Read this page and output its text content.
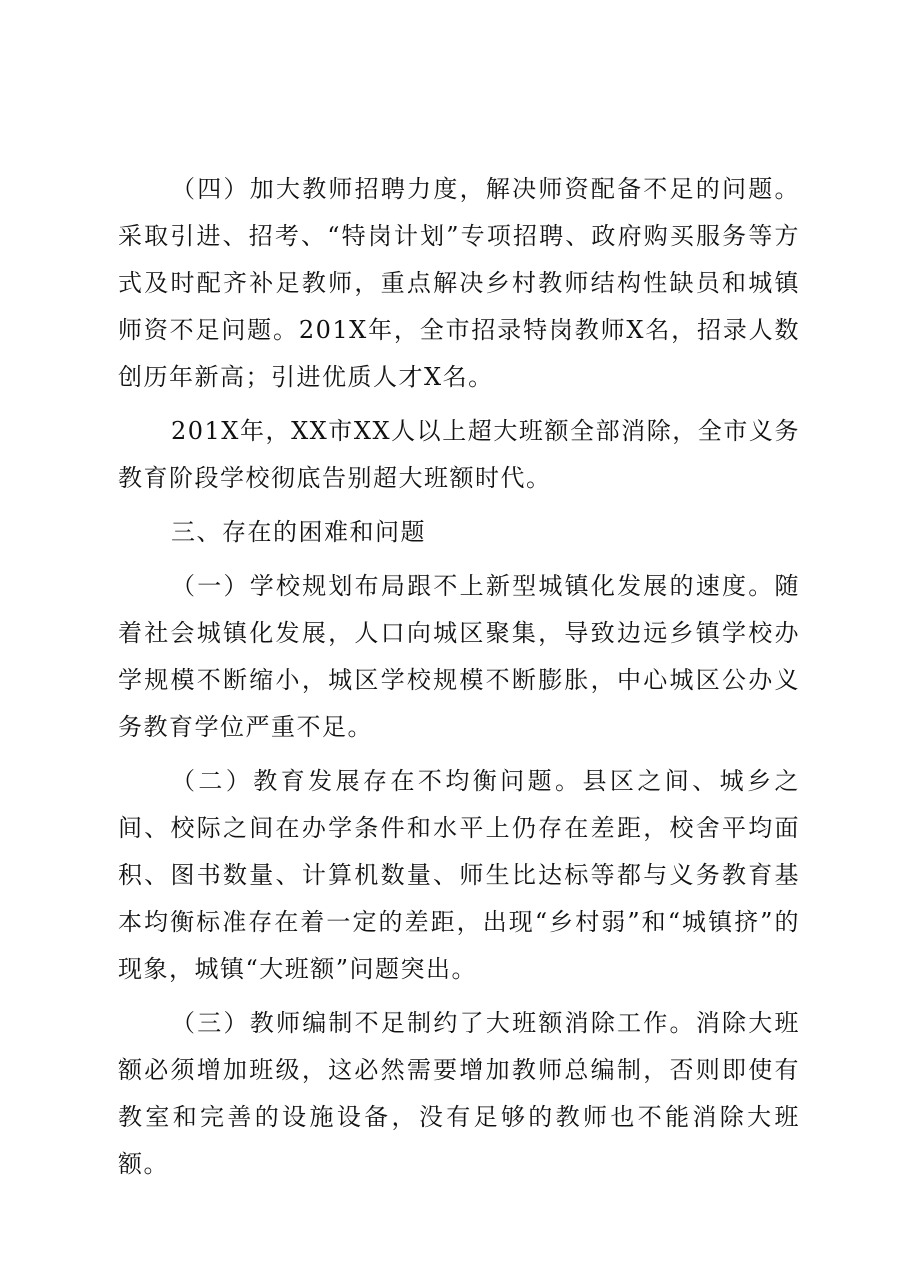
（四）加大教师招聘力度，解决师资配备不足的问题。采取引进、招考、“特岗计划”专项招聘、政府购买服务等方式及时配齐补足教师，重点解决乡村教师结构性缺员和城镇师资不足问题。201X年，全市招录特岗教师X名，招录人数创历年新高；引进优质人才X名。

201X年，XX市XX人以上超大班额全部消除，全市义务教育阶段学校彻底告别超大班额时代。

三、存在的困难和问题

（一）学校规划布局跟不上新型城镇化发展的速度。随着社会城镇化发展，人口向城区聚集，导致边远乡镇学校办学规模不断缩小，城区学校规模不断膨胀，中心城区公办义务教育学位严重不足。

（二）教育发展存在不均衡问题。县区之间、城乡之间、校际之间在办学条件和水平上仍存在差距，校舍平均面积、图书数量、计算机数量、师生比达标等都与义务教育基本均衡标准存在着一定的差距，出现“乡村弱”和“城镇挤”的现象，城镇“大班额”问题突出。

（三）教师编制不足制约了大班额消除工作。消除大班额必须增加班级，这必然需要增加教师总编制，否则即使有教室和完善的设施设备，没有足够的教师也不能消除大班额。
